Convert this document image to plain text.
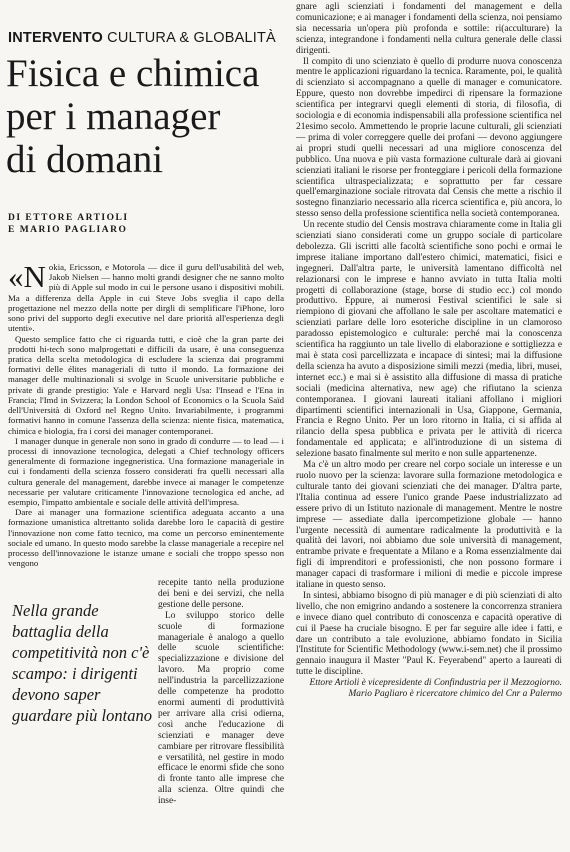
INTERVENTO CULTURA & GLOBALITÀ
Fisica e chimica
per i manager
di domani
DI ETTORE ARTIOLI
E MARIO PAGLIARO

«Nokia, Ericsson, e Motorola — dice il guru dell'usabilità del web, Jakob Nielsen — hanno molti grandi designer che ne sanno molto più di Apple sul modo in cui le persone usano i dispositivi mobili. Ma a differenza della Apple in cui Steve Jobs sveglia il capo della progettazione nel mezzo della notte per dirgli di semplificare l'iPhone, loro sono privi del supporto degli executive nel dare priorità all'esperienza degli utenti».

Questo semplice fatto che ci riguarda tutti, e cioè che la gran parte dei prodotti hi-tech sono malprogettati e difficili da usare, è una conseguenza pratica della scelta metodologica di escludere la scienza dai programmi formativi delle élites manageriali di tutto il mondo. La formazione dei manager delle multinazionali si svolge in Scuole universitarie pubbliche e private di grande prestigio: Yale e Harvard negli Usa: l'Insead e l'Ena in Francia; l'Imd in Svizzera; la London School of Economics o la Scuola Saïd dell'Università di Oxford nel Regno Unito. Invariabilmente, i programmi formativi hanno in comune l'assenza della scienza: niente fisica, matematica, chimica e biologia, fra i corsi dei manager contemporanei.

I manager dunque in generale non sono in grado di condurre — to lead — i processi di innovazione tecnologica, delegati a Chief technology officers generalmente di formazione ingegneristica. Una formazione manageriale in cui i fondamenti della scienza fossero considerati fra quelli necessari alla cultura generale del management, darebbe invece ai manager le competenze necessarie per valutare criticamente l'innovazione tecnologica ed anche, ad esempio, l'impatto ambientale e sociale delle attività dell'impresa.

Dare ai manager una formazione scientifica adeguata accanto a una formazione umanistica altrettanto solida darebbe loro le capacità di gestire l'innovazione non come fatto tecnico, ma come un percorso eminentemente sociale ed umano. In questo modo sarebbe la classe manageriale a recepire nel processo dell'innovazione le istanze umane e sociali che troppo spesso non vengono

Nella grande battaglia della competitività non c'è scampo: i dirigenti devono saper guardare più lontano

recepite tanto nella produzione dei beni e dei servizi, che nella gestione delle persone.

Lo sviluppo storico delle scuole di formazione manageriale è analogo a quello delle scuole scientifiche: specializzazione e divisione del lavoro. Ma proprio come nell'industria la parcellizzazione delle competenze ha prodotto enormi aumenti di produttività per arrivare alla crisi odierna, così anche l'educazione di scienziati e manager deve cambiare per ritrovare flessibilità e versatilità, nel gestire in modo efficace le enormi sfide che sono di fronte tanto alle imprese che alla scienza. Oltre quindi che inse-

gnare agli scienziati i fondamenti del management e della comunicazione; e ai manager i fondamenti della scienza, noi pensiamo sia necessaria un'opera più profonda e sottile: ri(acculturare) la scienza, integrandone i fondamenti nella cultura generale delle classi dirigenti.

Il compito di uno scienziato è quello di produrre nuova conoscenza mentre le applicazioni riguardano la tecnica. Raramente, poi, le qualità di scienziato si accompagnano a quelle di manager e comunicatore. Eppure, questo non dovrebbe impedirci di ripensare la formazione scientifica per integrarvi quegli elementi di storia, di filosofia, di sociologia e di economia indispensabili alla professione scientifica nel 21esimo secolo. Ammettendo le proprie lacune culturali, gli scienziati — prima di voler correggere quelle dei profani — devono aggiungere ai propri studi quelli necessari ad una migliore conoscenza del pubblico. Una nuova e più vasta formazione culturale darà ai giovani scienziati italiani le risorse per fronteggiare i pericoli della formazione scientifica ultraspecializzata; e soprattutto per far cessare quell'emarginazione sociale ritrovata dal Censis che mette a rischio il sostegno finanziario necessario alla ricerca scientifica e, più ancora, lo stesso senso della professione scientifica nella società contemporanea.

Un recente studio del Censis mostrava chiaramente come in Italia gli scienziati siano considerati come un gruppo sociale di particolare debolezza. Gli iscritti alle facoltà scientifiche sono pochi e ormai le imprese italiane importano dall'estero chimici, matematici, fisici e ingegneri. Dall'altra parte, le università lamentano difficoltà nel relazionarsi con le imprese e hanno avviato in tutta Italia molti progetti di collaborazione (stage, borse di studio ecc.) col mondo produttivo. Eppure, ai numerosi Festival scientifici le sale si riempiono di giovani che affollano le sale per ascoltare matematici e scienziati parlare delle loro esoteriche discipline in un clamoroso paradosso epistemologico e culturale: perché mai la conoscenza scientifica ha raggiunto un tale livello di elaborazione e sottigliezza e mai è stata così parcellizzata e incapace di sintesi; mai la diffusione della scienza ha avuto a disposizione simili mezzi (media, libri, musei, internet ecc.) e mai si è assistito alla diffusione di massa di pratiche sociali (medicina alternativa, new age) che rifiutano la scienza contemporanea. I giovani laureati italiani affollano i migliori dipartimenti scientifici internazionali in Usa, Giappone, Germania, Francia e Regno Unito. Per un loro ritorno in Italia, ci si affida al rilancio della spesa pubblica e privata per le attività di ricerca fondamentale ed applicata; e all'introduzione di un sistema di selezione basato finalmente sul merito e non sulle appartenenze.

Ma c'è un altro modo per creare nel corpo sociale un interesse e un ruolo nuovo per la scienza: lavorare sulla formazione metodologica e culturale tanto dei giovani scienziati che dei manager. D'altra parte, l'Italia continua ad essere l'unico grande Paese industrializzato ad essere privo di un Istituto nazionale di management. Mentre le nostre imprese — assediate dalla ipercompetizione globale — hanno l'urgente necessità di aumentare radicalmente la produttività e la qualità dei lavori, noi abbiamo due sole università di management, entrambe private e frequentate a Milano e a Roma essenzialmente dai figli di imprenditori e professionisti, che non possono formare i manager capaci di trasformare i milioni di medie e piccole imprese italiane in questo senso.

In sintesi, abbiamo bisogno di più manager e di più scienziati di alto livello, che non emigrino andando a sostenere la concorrenza straniera e invece diano quel contributo di conoscenza e capacità operative di cui il Paese ha cruciale bisogno. E per far seguire alle idee i fatti, e dare un contributo a tale evoluzione, abbiamo fondato in Sicilia l'Institute for Scientific Methodology (www.i-sem.net) che il prossimo gennaio inaugura il Master "Paul K. Feyerabend" aperto a laureati di tutte le discipline.

Ettore Artioli è vicepresidente di Confindustria per il Mezzogiorno.

Mario Pagliaro è ricercatore chimico del Cnr a Palermo
